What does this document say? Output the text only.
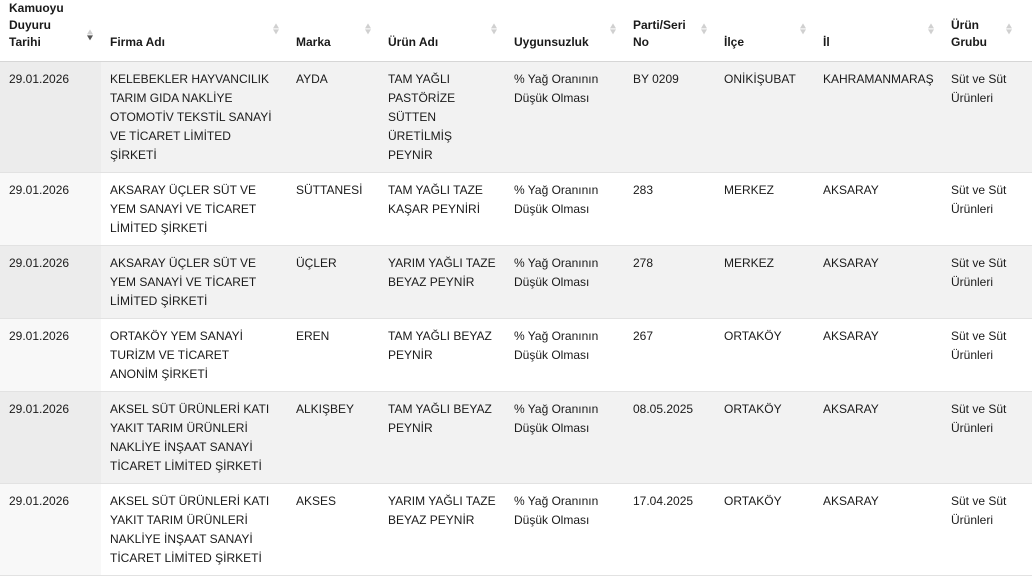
Kamuoyu Duyuru Tarihi	Firma Adı	Marka	Ürün Adı	Uygunsuzluk	Parti/Seri No	İlçe	İl	Ürün Grubu

29.01.2026	KELEBEKLER HAYVANCILIK TARIM GIDA NAKLİYE OTOMOTİV TEKSTİL SANAYİ VE TİCARET LİMİTED ŞİRKETİ	AYDA	TAM YAĞLI PASTÖRİZE SÜTTEN ÜRETİLMİŞ PEYNİR	% Yağ Oranının Düşük Olması	BY 0209	ONİKİŞUBAT	KAHRAMANMARAŞ	Süt ve Süt Ürünleri
29.01.2026	AKSARAY ÜÇLER SÜT VE YEM SANAYİ VE TİCARET LİMİTED ŞİRKETİ	SÜTTANESİ	TAM YAĞLI TAZE KAŞAR PEYNİRİ	% Yağ Oranının Düşük Olması	283	MERKEZ	AKSARAY	Süt ve Süt Ürünleri
29.01.2026	AKSARAY ÜÇLER SÜT VE YEM SANAYİ VE TİCARET LİMİTED ŞİRKETİ	ÜÇLER	YARIM YAĞLI TAZE BEYAZ PEYNİR	% Yağ Oranının Düşük Olması	278	MERKEZ	AKSARAY	Süt ve Süt Ürünleri
29.01.2026	ORTAKÖY YEM SANAYİ TURİZM VE TİCARET ANONİM ŞİRKETİ	EREN	TAM YAĞLI BEYAZ PEYNİR	% Yağ Oranının Düşük Olması	267	ORTAKÖY	AKSARAY	Süt ve Süt Ürünleri
29.01.2026	AKSEL SÜT ÜRÜNLERİ KATI YAKIT TARIM ÜRÜNLERİ NAKLİYE İNŞAAT SANAYİ TİCARET LİMİTED ŞİRKETİ	ALKIŞBEY	TAM YAĞLI BEYAZ PEYNİR	% Yağ Oranının Düşük Olması	08.05.2025	ORTAKÖY	AKSARAY	Süt ve Süt Ürünleri
29.01.2026	AKSEL SÜT ÜRÜNLERİ KATI YAKIT TARIM ÜRÜNLERİ NAKLİYE İNŞAAT SANAYİ TİCARET LİMİTED ŞİRKETİ	AKSES	YARIM YAĞLI TAZE BEYAZ PEYNİR	% Yağ Oranının Düşük Olması	17.04.2025	ORTAKÖY	AKSARAY	Süt ve Süt Ürünleri
